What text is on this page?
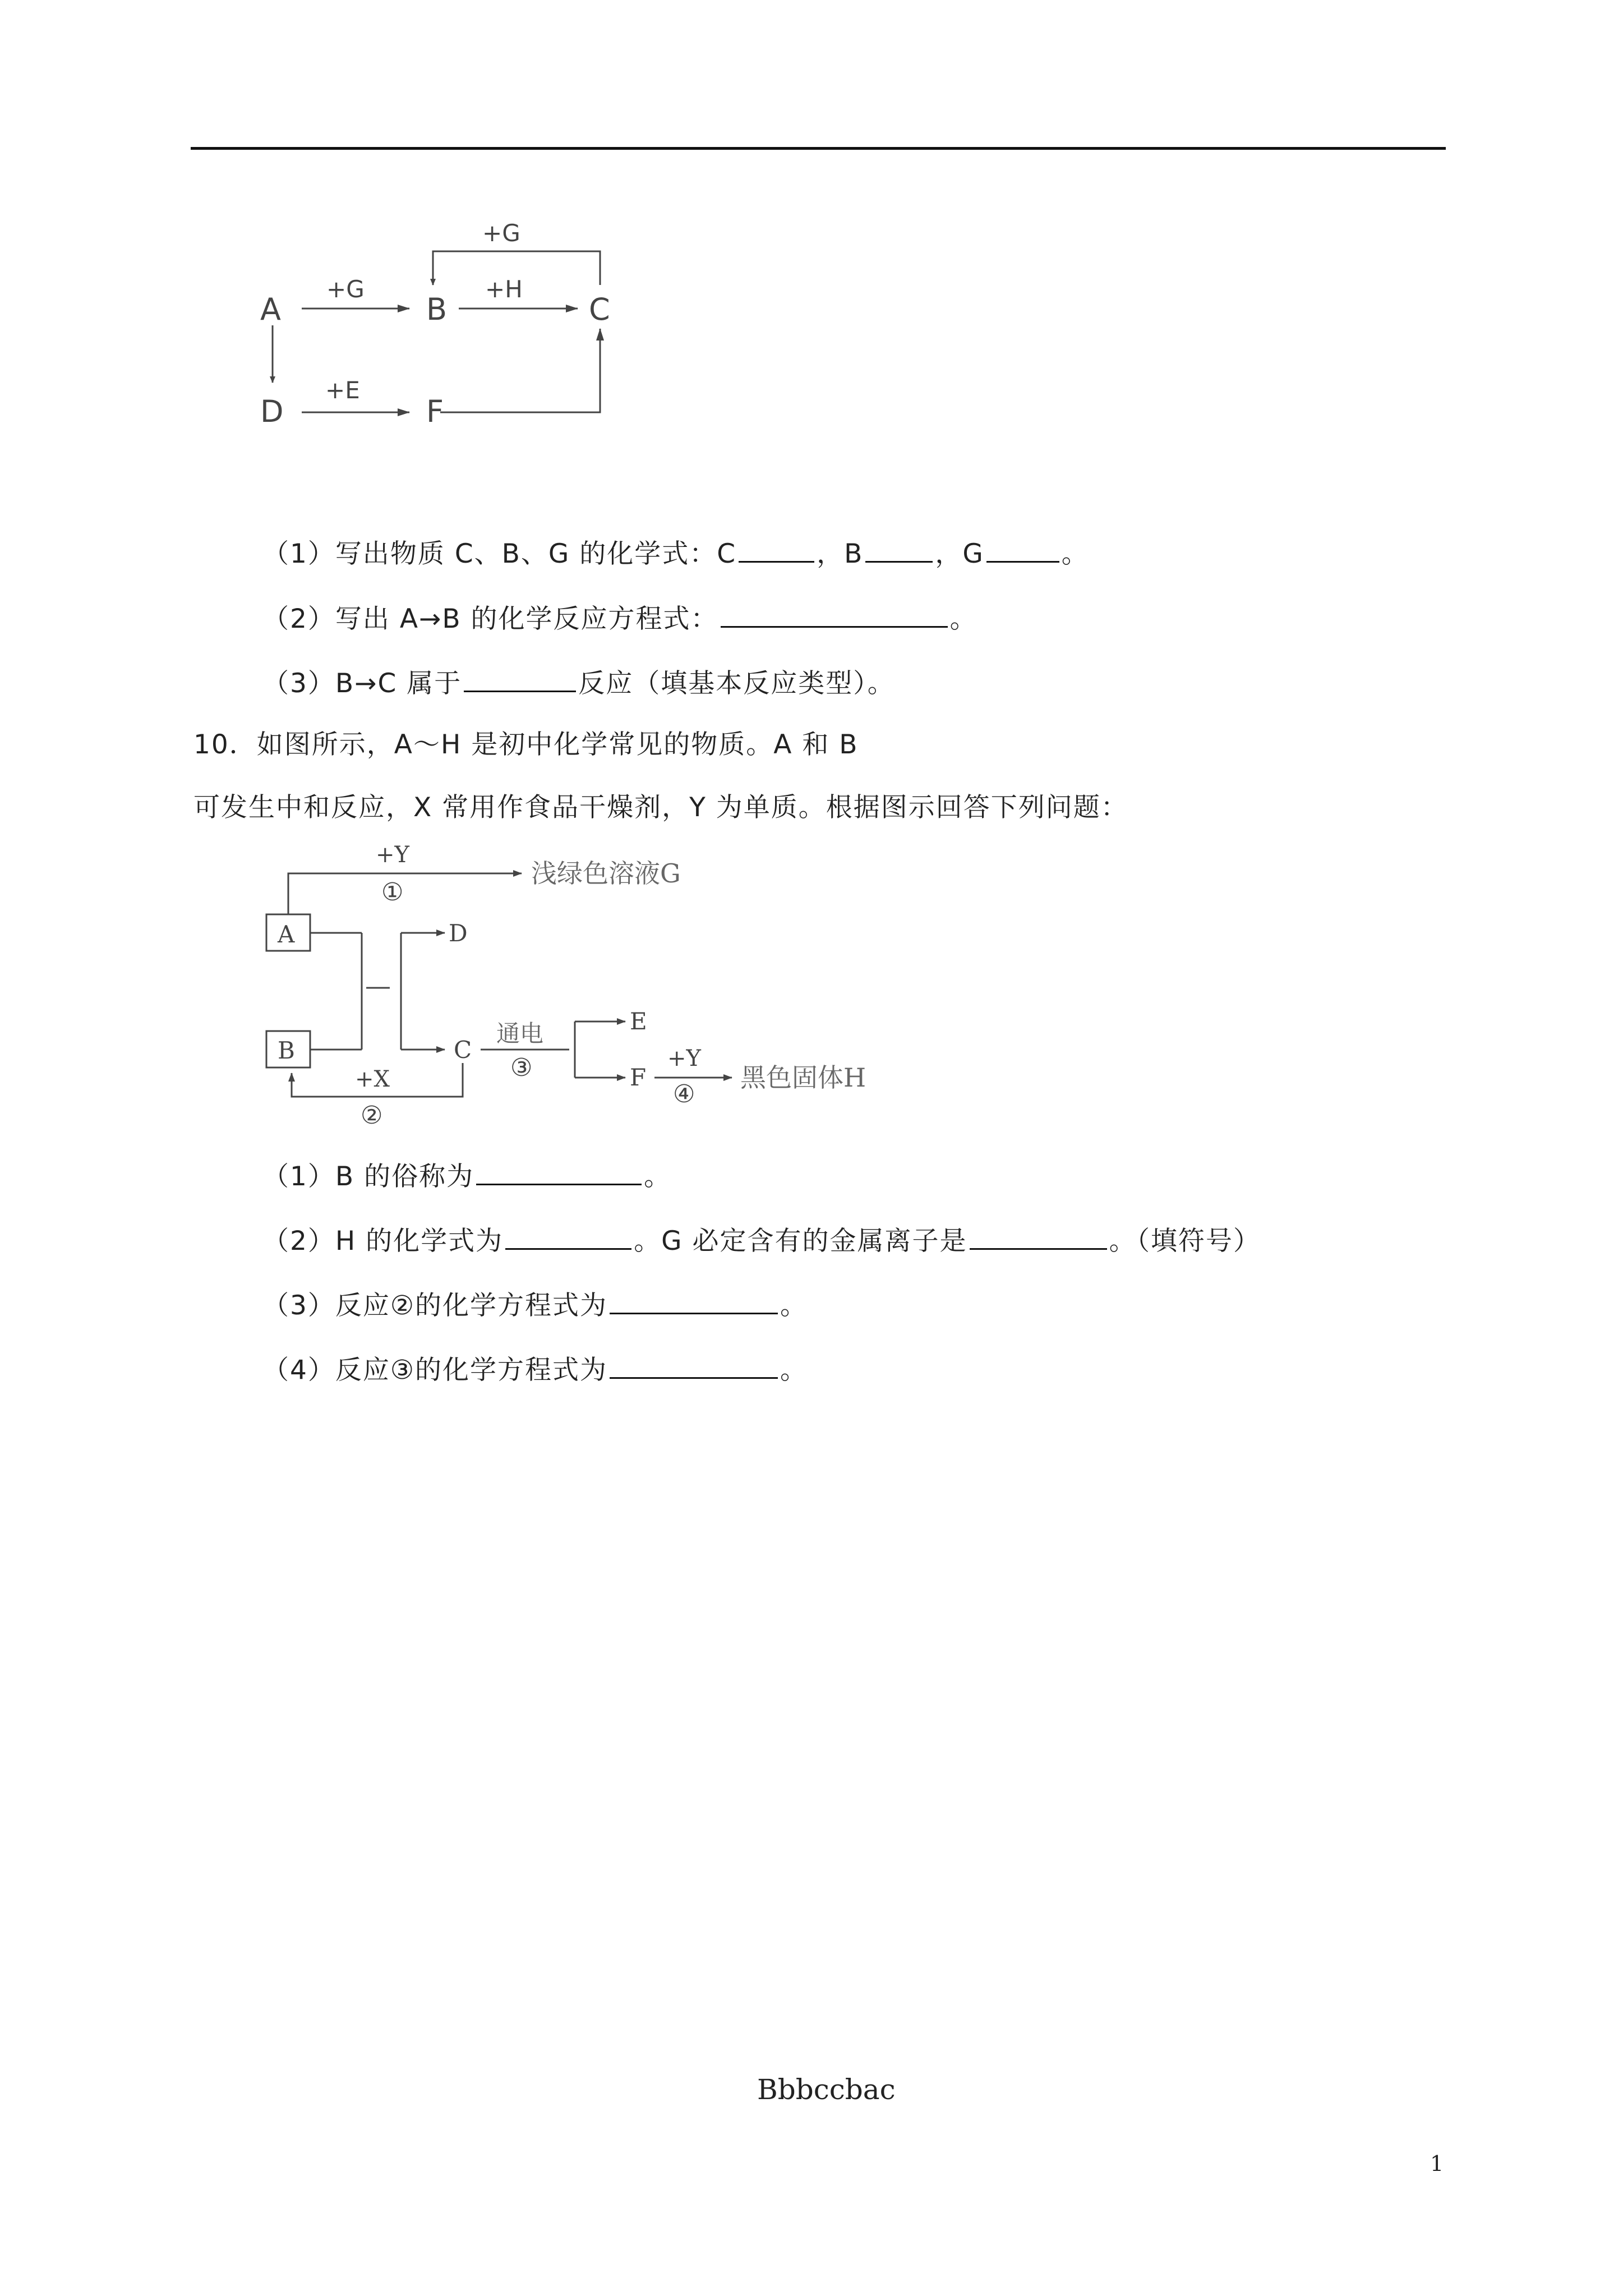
A	B	C
D	F
+G	+H
+G
+E
（1）写出物质 C、B、G 的化学式：C	，B	，G	。
（2）写出 A→B 的化学反应方程式：	。
（3）B→C 属于	反应（填基本反应类型）。
10．如图所示，A～H 是初中化学常见的物质。A 和 B
可发生中和反应，X 常用作食品干燥剂，Y 为单质。根据图示回答下列问题：
A
B
+Y
①
浅绿色溶液G
—
D
C
+X
②
通电
③
E
F
+Y
④
黑色固体H
（1）B 的俗称为	。
（2）H 的化学式为	。G 必定含有的金属离子是	。（填符号）
（3）反应②的化学方程式为	。
（4）反应③的化学方程式为	。
Bbbccbac
1
